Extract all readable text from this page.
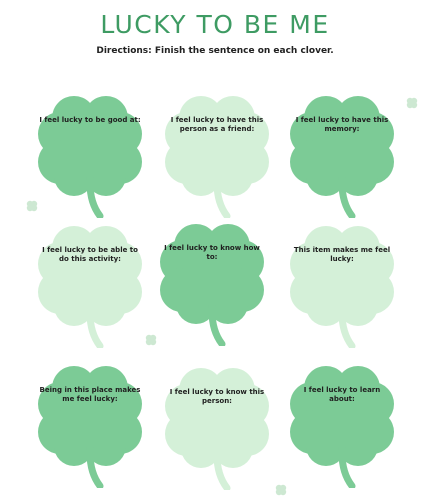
LUCKY TO BE ME

Directions: Finish the sentence on each clover.

I feel lucky to be good at:	I feel lucky to have this person as a friend:
I feel lucky to have this memory:
I feel lucky to be able to do this activity:
I feel lucky to know how to:
This item makes me feel lucky:
Being in this place makes me feel lucky:
I feel lucky to know this person:
I feel lucky to learn about:
